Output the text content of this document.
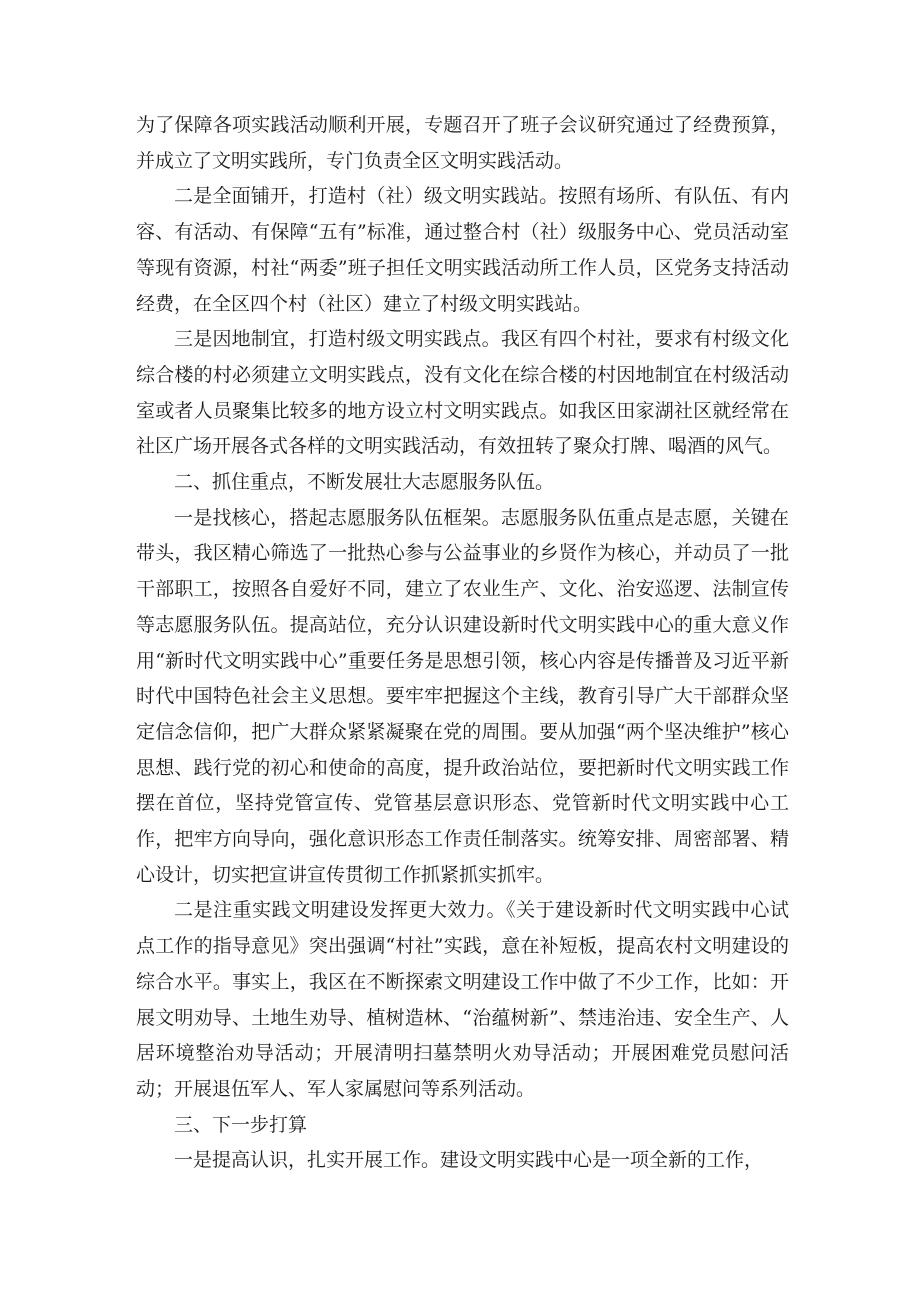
为了保障各项实践活动顺利开展，专题召开了班子会议研究通过了经费预算，并成立了文明实践所，专门负责全区文明实践活动。

二是全面铺开，打造村（社）级文明实践站。按照有场所、有队伍、有内容、有活动、有保障“五有”标准，通过整合村（社）级服务中心、党员活动室等现有资源，村社“两委”班子担任文明实践活动所工作人员，区党务支持活动经费，在全区四个村（社区）建立了村级文明实践站。

三是因地制宜，打造村级文明实践点。我区有四个村社，要求有村级文化综合楼的村必须建立文明实践点，没有文化在综合楼的村因地制宜在村级活动室或者人员聚集比较多的地方设立村文明实践点。如我区田家湖社区就经常在社区广场开展各式各样的文明实践活动，有效扭转了聚众打牌、喝酒的风气。

二、抓住重点，不断发展壮大志愿服务队伍。

一是找核心，搭起志愿服务队伍框架。志愿服务队伍重点是志愿，关键在带头，我区精心筛选了一批热心参与公益事业的乡贤作为核心，并动员了一批干部职工，按照各自爱好不同，建立了农业生产、文化、治安巡逻、法制宣传等志愿服务队伍。提高站位，充分认识建设新时代文明实践中心的重大意义作用“新时代文明实践中心”重要任务是思想引领，核心内容是传播普及习近平新时代中国特色社会主义思想。要牢牢把握这个主线，教育引导广大干部群众坚定信念信仰，把广大群众紧紧凝聚在党的周围。要从加强“两个坚决维护”核心思想、践行党的初心和使命的高度，提升政治站位，要把新时代文明实践工作摆在首位，坚持党管宣传、党管基层意识形态、党管新时代文明实践中心工作，把牢方向导向，强化意识形态工作责任制落实。统筹安排、周密部署、精心设计，切实把宣讲宣传贯彻工作抓紧抓实抓牢。

二是注重实践文明建设发挥更大效力。《关于建设新时代文明实践中心试点工作的指导意见》突出强调“村社”实践，意在补短板，提高农村文明建设的综合水平。事实上，我区在不断探索文明建设工作中做了不少工作，比如：开展文明劝导、土地生劝导、植树造林、“治蕴树新”、禁违治违、安全生产、人居环境整治劝导活动；开展清明扫墓禁明火劝导活动；开展困难党员慰问活动；开展退伍军人、军人家属慰问等系列活动。

三、下一步打算

一是提高认识，扎实开展工作。建设文明实践中心是一项全新的工作，
